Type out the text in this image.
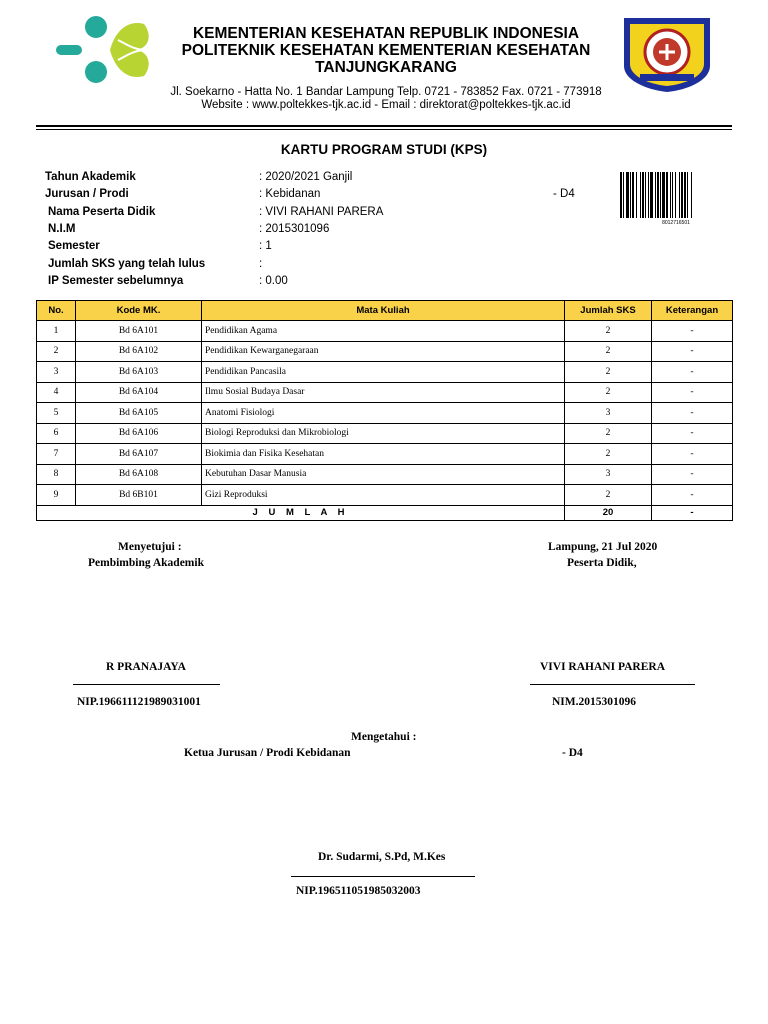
KEMENTERIAN KESEHATAN REPUBLIK INDONESIA
POLITEKNIK KESEHATAN KEMENTERIAN KESEHATAN
TANJUNGKARANG
Jl. Soekarno - Hatta No. 1 Bandar Lampung Telp. 0721 - 783852 Fax. 0721 - 773918
Website : www.poltekkes-tjk.ac.id - Email : direktorat@poltekkes-tjk.ac.id
KARTU PROGRAM STUDI (KPS)
Tahun Akademik	: 2020/2021 Ganjil
Jurusan / Prodi	: Kebidanan	- D4
Nama Peserta Didik	: VIVI RAHANI PARERA
N.I.M	: 2015301096
Semester	: 1
Jumlah SKS yang telah lulus	:
IP Semester sebelumnya	: 0.00
8012716501
No.	Kode MK.	Mata Kuliah	Jumlah SKS	Keterangan
1	Bd 6A101	Pendidikan Agama	2	-
2	Bd 6A102	Pendidikan Kewarganegaraan	2	-
3	Bd 6A103	Pendidikan Pancasila	2	-
4	Bd 6A104	Ilmu Sosial Budaya Dasar	2	-
5	Bd 6A105	Anatomi Fisiologi	3	-
6	Bd 6A106	Biologi Reproduksi dan Mikrobiologi	2	-
7	Bd 6A107	Biokimia dan Fisika Kesehatan	2	-
8	Bd 6A108	Kebutuhan Dasar Manusia	3	-
9	Bd 6B101	Gizi Reproduksi	2	-
J U M L A H			20	-
Menyetujui :
Pembimbing Akademik
Lampung, 21 Jul 2020
Peserta Didik,
R PRANAJAYA	VIVI RAHANI PARERA
NIP.196611121989031001	NIM.2015301096
Mengetahui :
Ketua Jurusan / Prodi Kebidanan	- D4
Dr. Sudarmi, S.Pd, M.Kes
NIP.196511051985032003
